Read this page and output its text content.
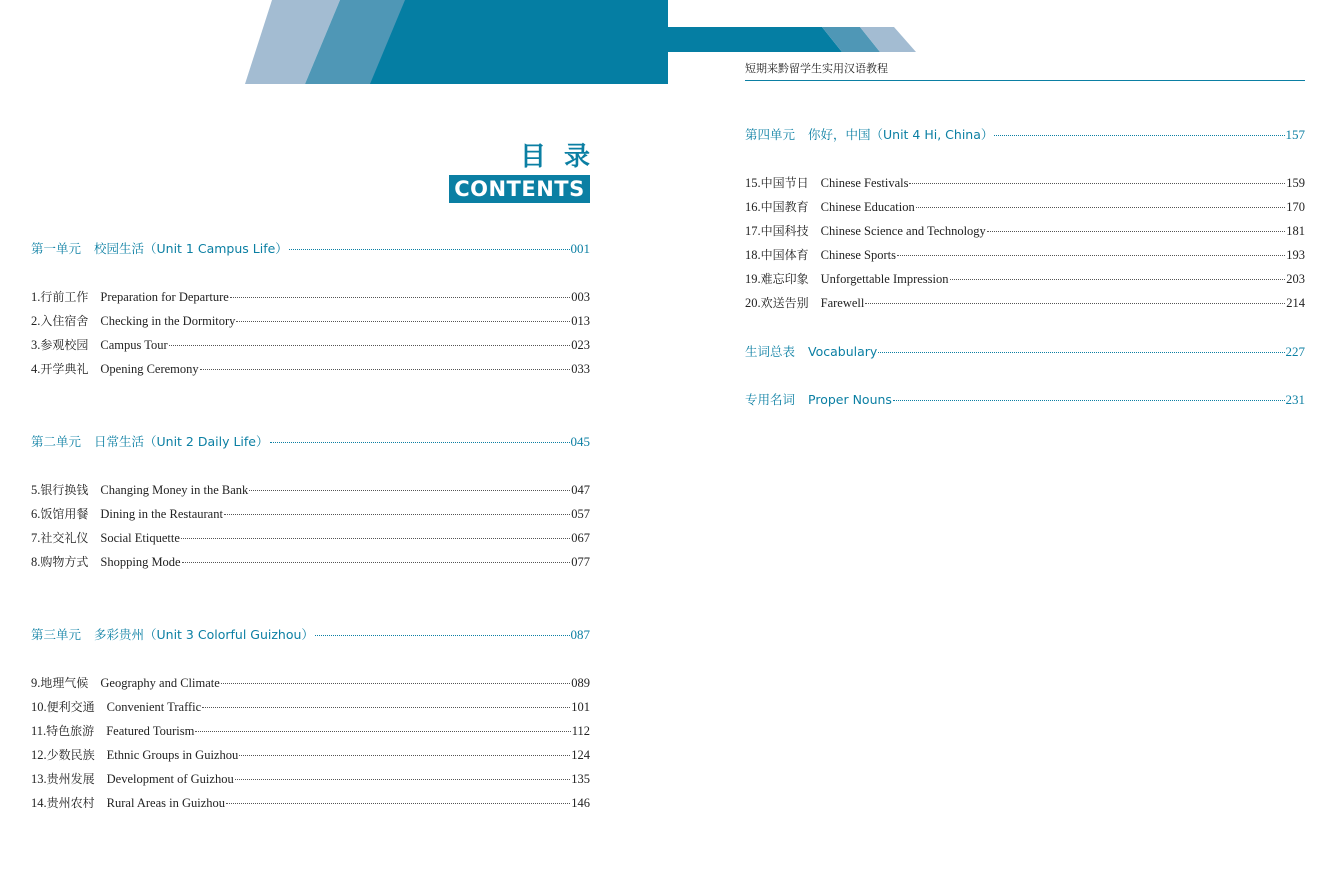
目录
CONTENTS
短期来黔留学生实用汉语教程
第一单元 校园生活（Unit 1 Campus Life）	001
1. 行前工作 Preparation for Departure	003
2. 入住宿舍 Checking in the Dormitory	013
3. 参观校园 Campus Tour	023
4. 开学典礼 Opening Ceremony	033
第二单元 日常生活（Unit 2 Daily Life）	045
5. 银行换钱 Changing Money in the Bank	047
6. 饭馆用餐 Dining in the Restaurant	057
7. 社交礼仪 Social Etiquette	067
8. 购物方式 Shopping Mode	077
第三单元 多彩贵州（Unit 3 Colorful Guizhou）	087
9. 地理气候 Geography and Climate	089
10. 便利交通 Convenient Traffic	101
11. 特色旅游 Featured Tourism	112
12. 少数民族 Ethnic Groups in Guizhou	124
13. 贵州发展 Development of Guizhou	135
14. 贵州农村 Rural Areas in Guizhou	146
第四单元 你好，中国（Unit 4 Hi, China）	157
15. 中国节日 Chinese Festivals	159
16. 中国教育 Chinese Education	170
17. 中国科技 Chinese Science and Technology	181
18. 中国体育 Chinese Sports	193
19. 难忘印象 Unforgettable Impression	203
20. 欢送告别 Farewell	214
生词总表 Vocabulary	227
专用名词 Proper Nouns	231
